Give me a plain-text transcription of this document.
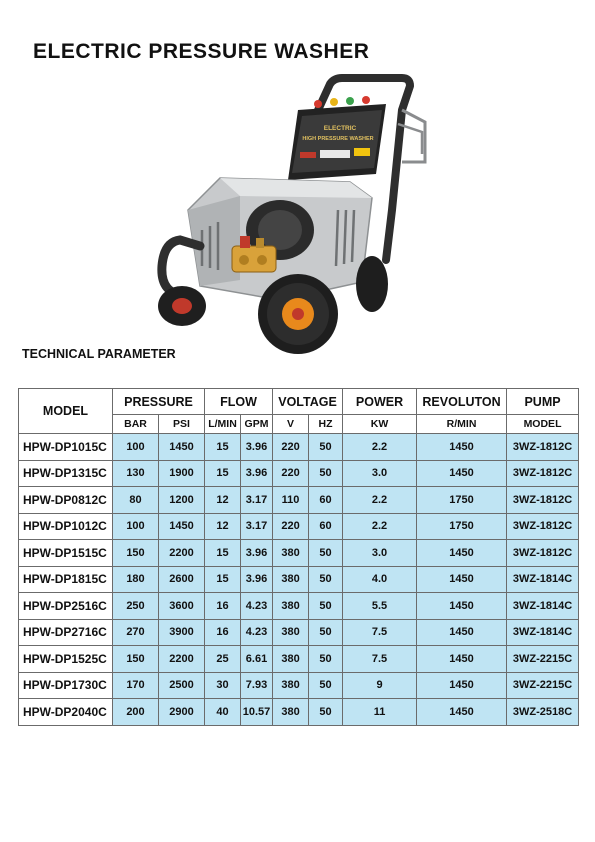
ELECTRIC PRESSURE WASHER
ELECTRIC
HIGH PRESSURE WASHER
TECHNICAL PARAMETER
MODEL	PRESSURE		FLOW		VOLTAGE		POWER	REVOLUTON	PUMP
	BAR	PSI	L/MIN	GPM	V	HZ	KW	R/MIN	MODEL
HPW-DP1015C	100	1450	15	3.96	220	50	2.2	1450	3WZ-1812C
HPW-DP1315C	130	1900	15	3.96	220	50	3.0	1450	3WZ-1812C
HPW-DP0812C	80	1200	12	3.17	110	60	2.2	1750	3WZ-1812C
HPW-DP1012C	100	1450	12	3.17	220	60	2.2	1750	3WZ-1812C
HPW-DP1515C	150	2200	15	3.96	380	50	3.0	1450	3WZ-1812C
HPW-DP1815C	180	2600	15	3.96	380	50	4.0	1450	3WZ-1814C
HPW-DP2516C	250	3600	16	4.23	380	50	5.5	1450	3WZ-1814C
HPW-DP2716C	270	3900	16	4.23	380	50	7.5	1450	3WZ-1814C
HPW-DP1525C	150	2200	25	6.61	380	50	7.5	1450	3WZ-2215C
HPW-DP1730C	170	2500	30	7.93	380	50	9	1450	3WZ-2215C
HPW-DP2040C	200	2900	40	10.57	380	50	11	1450	3WZ-2518C
